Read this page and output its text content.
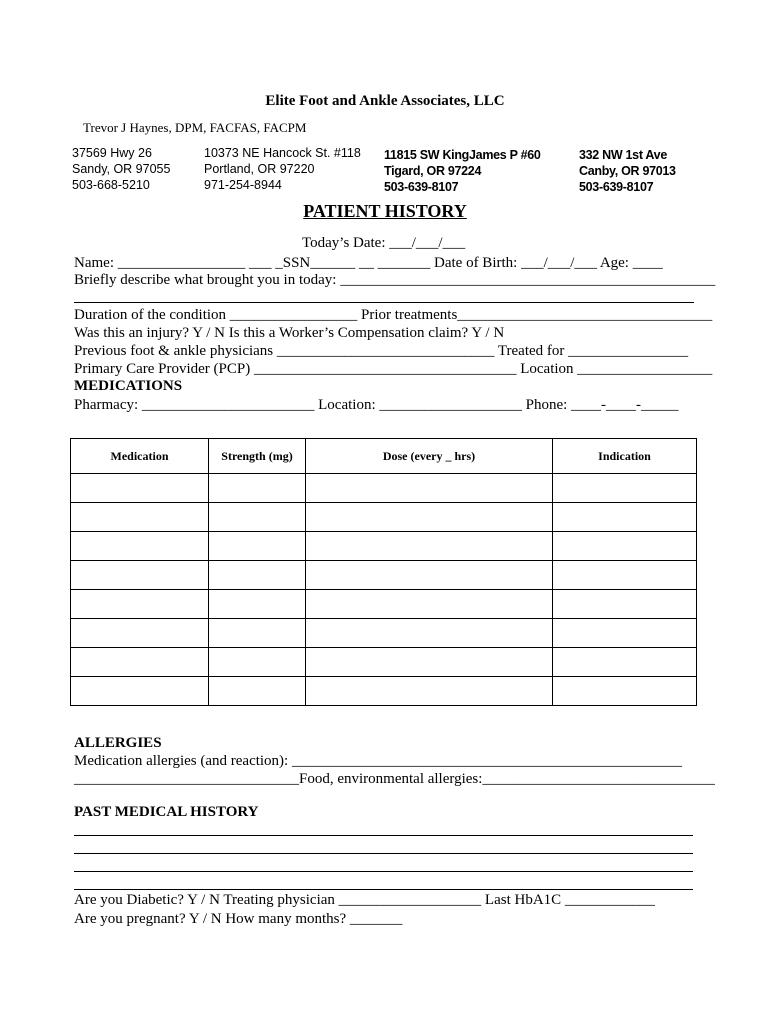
Elite Foot and Ankle Associates, LLC
Trevor J Haynes, DPM, FACFAS, FACPM
37569 Hwy 26
Sandy, OR 97055
503-668-5210
10373 NE Hancock St. #118
Portland, OR 97220
971-254-8944
11815 SW KingJames P #60
Tigard, OR 97224
503-639-8107
332 NW 1st Ave
Canby, OR 97013
503-639-8107
PATIENT HISTORY
Today’s Date: ___/___/___
Name: _________________ ___ _SSN______ __ _______ Date of Birth: ___/___/___ Age: ____
Briefly describe what brought you in today: __________________________________________________
Duration of the condition _________________ Prior treatments__________________________________
Was this an injury? Y / N Is this a Worker’s Compensation claim? Y / N
Previous foot & ankle physicians _____________________________ Treated for ________________
Primary Care Provider (PCP) ___________________________________ Location __________________
MEDICATIONS
Pharmacy: _______________________ Location: ___________________ Phone: ____-____-_____
Medication	Strength (mg)	Dose (every _ hrs)	Indication

ALLERGIES
Medication allergies (and reaction): ____________________________________________________
______________________________Food, environmental allergies:_______________________________
PAST MEDICAL HISTORY
Are you Diabetic? Y / N Treating physician ___________________ Last HbA1C ____________
Are you pregnant? Y / N How many months? _______
